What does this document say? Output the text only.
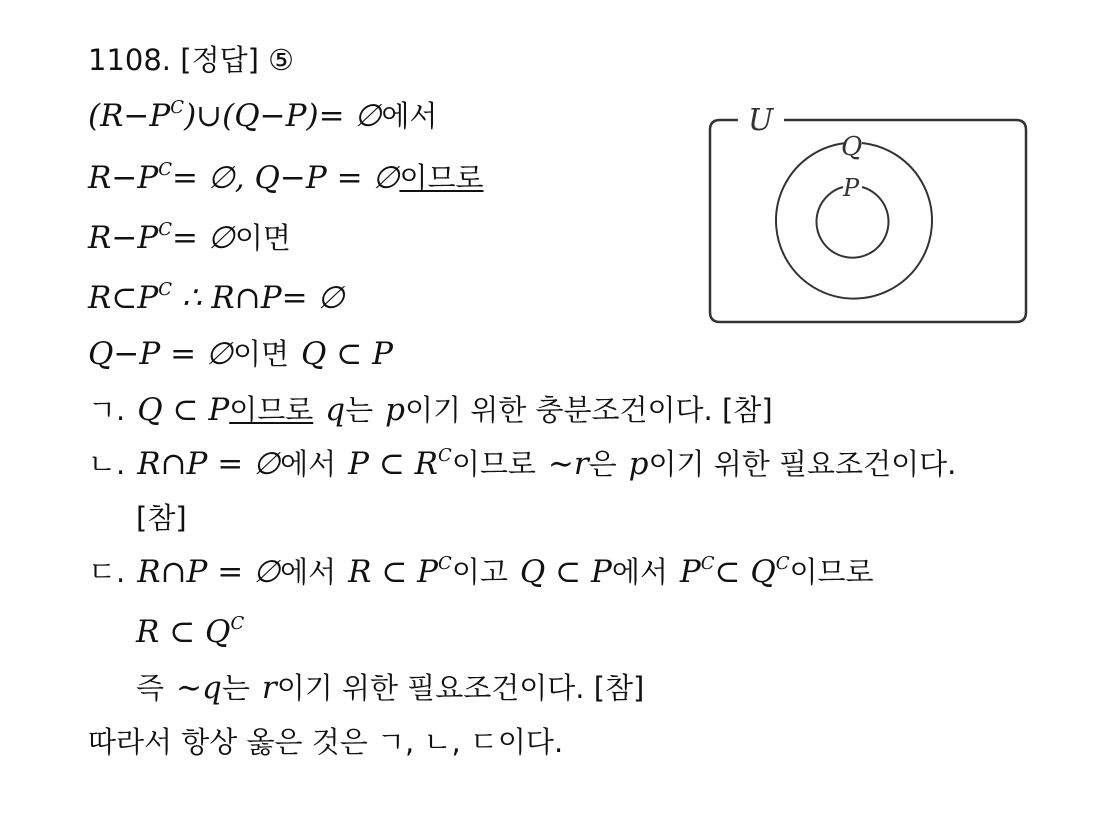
1108. [정답] ⑤
$(R-P^C)\cup(Q-P)=$ ∅에서
$R-P^C=$ ∅, Q−P = ∅이므로
$R-P^C=$ ∅이면
$R\subset P^C$ ∴ R∩P= ∅
Q−P = ∅이면 Q ⊂ P
ㄱ. Q ⊂ P이므로 q는 p이기 위한 충분조건이다. [참]
ㄴ. R∩P = ∅에서 P ⊂ $R^C$이므로 ∼r은 p이기 위한 필요조건이다.
[참]
ㄷ. R∩P = ∅에서 R ⊂ $P^C$이고 Q ⊂ P에서 $P^C\subset$ $Q^C$이므로
R ⊂ $Q^C$
즉 ∼q는 r이기 위한 필요조건이다. [참]
따라서 항상 옳은 것은 ㄱ, ㄴ, ㄷ이다.
U
Q
P
